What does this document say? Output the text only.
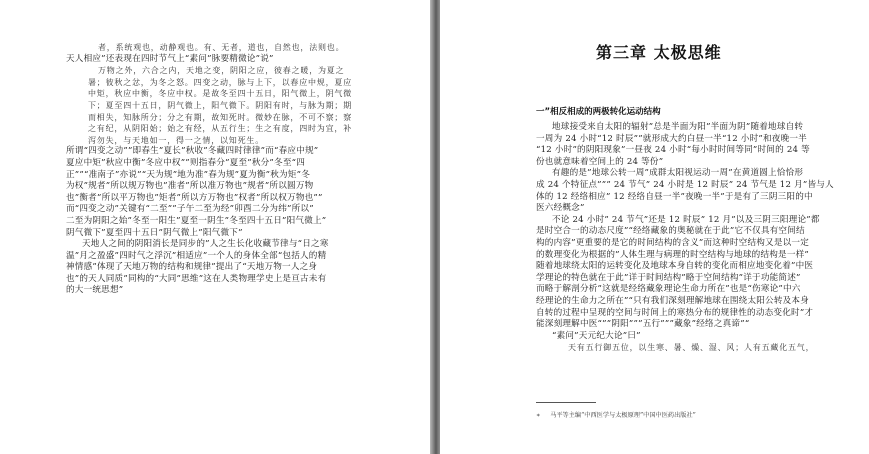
者，系统观也，动静观也。有、无者，道也，自然也，法则也。
天人相应”还表现在四时节气上“素问”脉要精微论”说”
万物之外，六合之内，天地之变，阴阳之应，彼春之暖，为夏之
暑；彼秋之忿，为冬之怒。四变之动，脉与上下，以春应中规，夏应
中矩，秋应中衡，冬应中权。是故冬至四十五日，阳气微上，阴气微
下；夏至四十五日，阴气微上，阳气微下。阴阳有时，与脉为期；期
而相失，知脉所分；分之有期，故知死时。微妙在脉，不可不察；察
之有纪，从阴阳始；始之有经，从五行生；生之有度，四时为宜，补
泻勿失，与天地如一，得一之情，以知死生。
所谓“四变之动””即春生”夏长”秋收”冬藏四时律律”而“春应中规”
夏应中矩”秋应中衡”冬应中权””则指春分”夏至”秋分”冬至“四
正””“准南子”亦说”“天为规”地为准”春为规”夏为衡”秋为矩”冬
为权”规者”所以规万物也”准者”所以准万物也”规者”所以圆万物
也”衡者”所以平万物也”矩者”所以方万物也”权者”所以权万物也””
而“四变之动”关键有“二至””子午二至为经”卯酉二分为纬”所以”
二至为阴阳之始”冬至一阳生”夏至一阴生”冬至四十五日”阳气微上”
阴气微下”夏至四十五日”阴气微上”阳气微下”
天地人之间的阴阳消长是同步的”人之生长化收藏节律与“日之寒
温”月之盈盛”四时气之浮沉”相适应”一个人的身体全部“包括人的精
神情感”体现了天地万物的结构和规律”提出了“天地万物一人之身
也”的天人同质”同构的“大同”思维”这在人类物理学史上是亘古未有
的大一统思想”
第三章 太极思维
一”相反相成的两极转化运动结构
地球接受来自太阳的辐射”总是半面为阳”半面为阴”随着地球自转
一周为 24 小时“12 时辰””就形成大约白昼一半“12 小时”和夜晚一半
“12 小时”的阴阳现象”一昼夜 24 小时“每小时时间等同”时间的 24 等
份也就意味着空间上的 24 等份”
有趣的是”地球公转一周”成群太阳视运动一周”在黄道圆上恰恰形
成 24 个特征点””” 24 节气” 24 小时是 12 时辰” 24 节气是 12 月”皆与人
体的 12 经络相应” 12 经络自昼一半”夜晚一半”于是有了三阴三阳的中
医六经概念”
不论 24 小时” 24 节气”还是 12 时辰” 12 月”以及三阴三阳理论”都
是时空合一的动态尺度”“经络藏象的奥秘就在于此”它不仅具有空间结
构的内容”更重要的是它的时间结构的含义”而这种时空结构又是以一定
的数理变化为根据的”人体生理与病理的时空结构与地球的结构是一样”
随着地球绕太阳的运转变化及地球本身自转的变化而相应地变化着”中医
学理论的特色就在于此”详于时间结构”略于空间结构”详于功能简述”
而略于解剖分析”这就是经络藏象理论生命力所在”也是“伤寒论”中六
经理论的生命力之所在”“只有我们深刻理解地球在围绕太阳公转及本身
自转的过程中呈现的空间与时间上的寒热分布的规律性的动态变化时”才
能深刻理解中医“””阴阳”””五行”””藏象”经络之真谛”“
“素问”天元纪大论”曰”
天有五行御五位，以生寒、暑、燥、湿、风；人有五藏化五气，
∗ 马平等主编“中西医学与太极原理”中国中医药出版社”
